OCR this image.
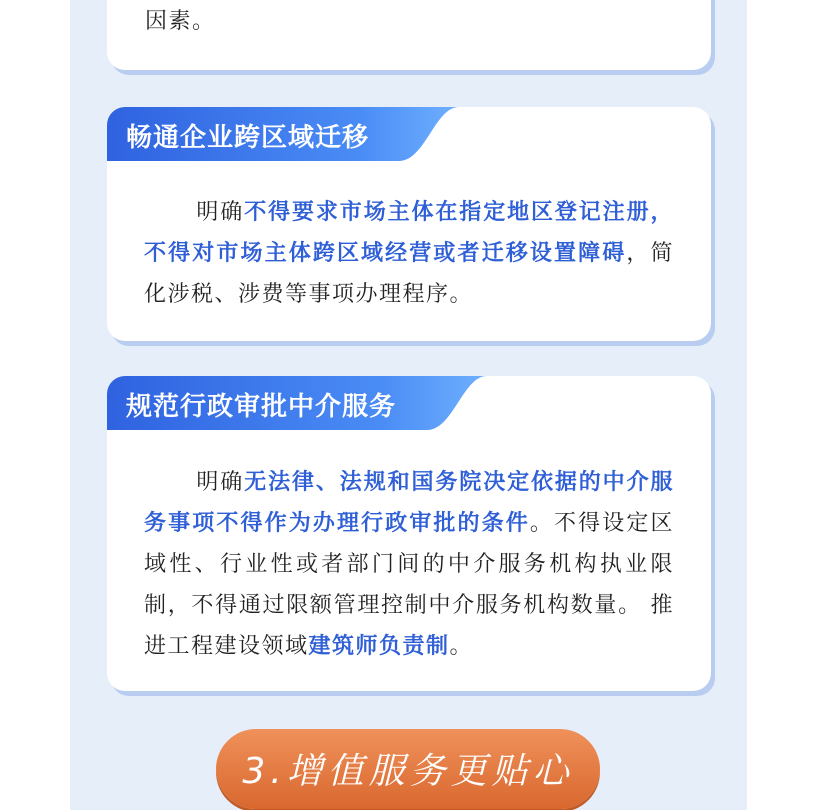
因素。
畅通企业跨区域迁移
明确不得要求市场主体在指定地区登记注册，不得对市场主体跨区域经营或者迁移设置障碍，简化涉税、涉费等事项办理程序。
规范行政审批中介服务
明确无法律、法规和国务院决定依据的中介服务事项不得作为办理行政审批的条件。不得设定区域性、行业性或者部门间的中介服务机构执业限制，不得通过限额管理控制中介服务机构数量。 推进工程建设领域建筑师负责制。
3.增值服务更贴心
